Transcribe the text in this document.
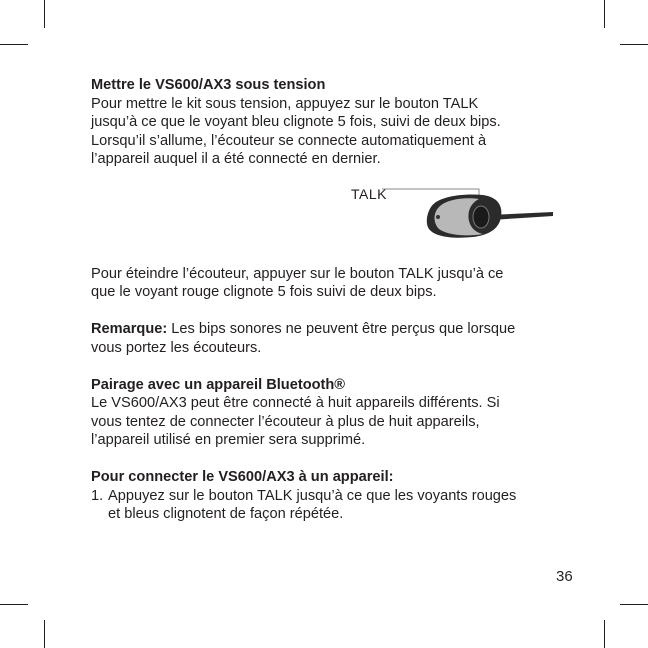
Mettre le VS600/AX3 sous tension

Pour mettre le kit sous tension, appuyez sur le bouton TALK

jusqu’à ce que le voyant bleu clignote 5 fois, suivi de deux bips.

Lorsqu’il s’allume, l’écouteur se connecte automatiquement à

l’appareil auquel il a été connecté en dernier.

TALK

Pour éteindre l’écouteur, appuyer sur le bouton TALK jusqu’à ce

que le voyant rouge clignote 5 fois suivi de deux bips.

Remarque: Les bips sonores ne peuvent être perçus que lorsque

vous portez les écouteurs.

Pairage avec un appareil Bluetooth®

Le VS600/AX3 peut être connecté à huit appareils différents. Si

vous tentez de connecter l’écouteur à plus de huit appareils,

l’appareil utilisé en premier sera supprimé.

Pour connecter le VS600/AX3 à un appareil:

1. Appuyez sur le bouton TALK jusqu’à ce que les voyants rouges

et bleus clignotent de façon répétée.

36
